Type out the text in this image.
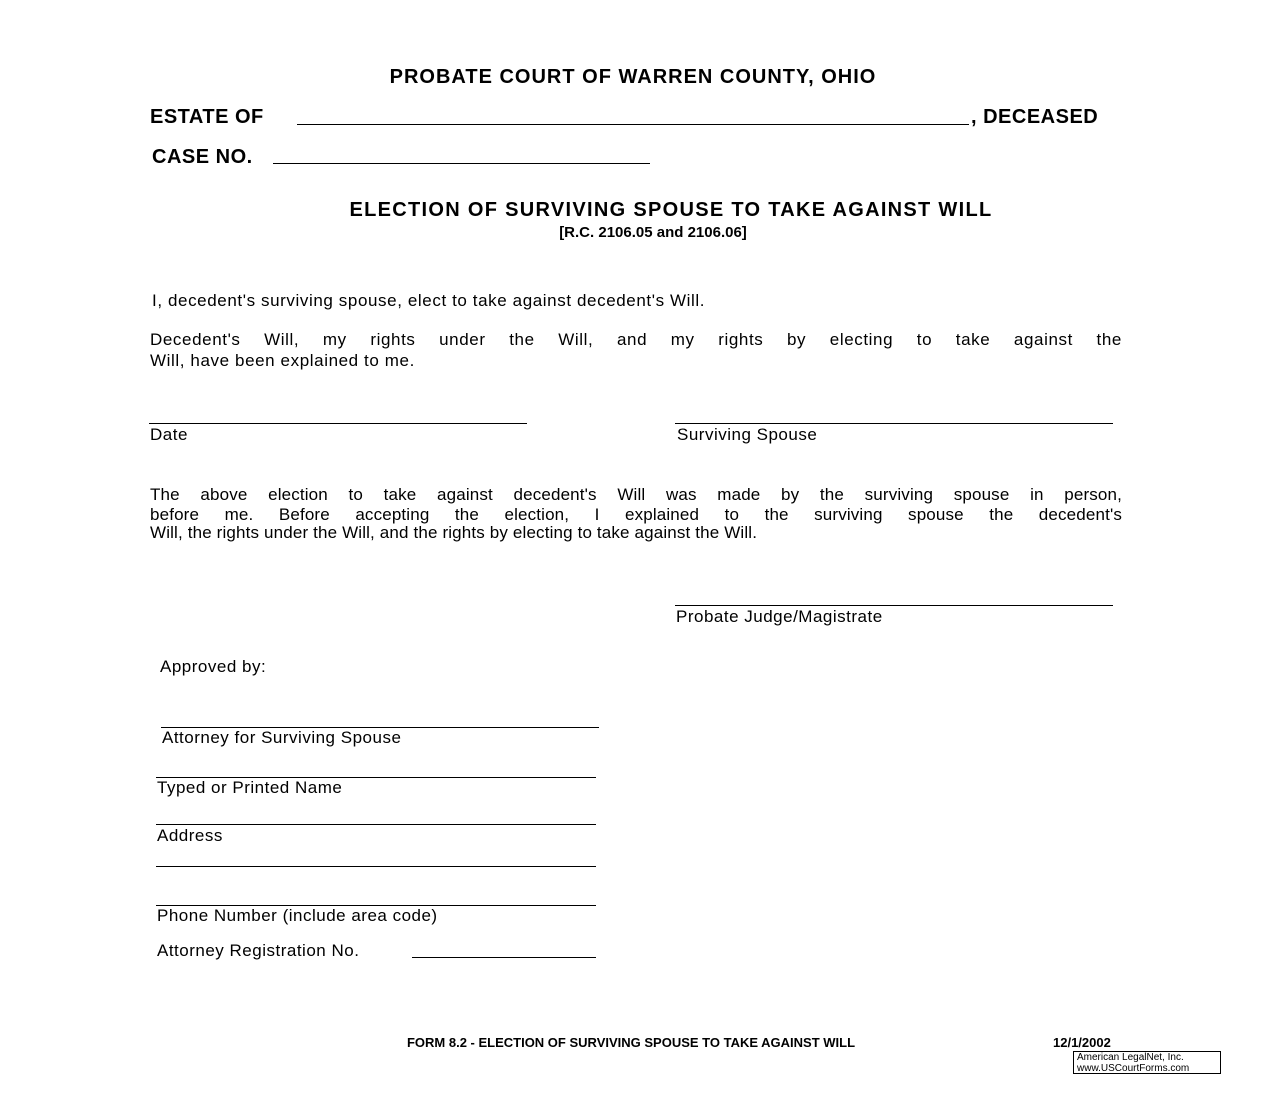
PROBATE COURT OF WARREN COUNTY, OHIO
ESTATE OF	, DECEASED
CASE NO.
ELECTION OF SURVIVING SPOUSE TO TAKE AGAINST WILL
[R.C. 2106.05 and 2106.06]
I, decedent's surviving spouse, elect to take against decedent's Will.
Decedent's Will, my rights under the Will, and my rights by electing to take against the
Will, have been explained to me.
Date	Surviving Spouse
The above election to take against decedent's Will was made by the surviving spouse in person,
before me. Before accepting the election, I explained to the surviving spouse the decedent's
Will, the rights under the Will, and the rights by electing to take against the Will.
Probate Judge/Magistrate
Approved by:
Attorney for Surviving Spouse
Typed or Printed Name
Address
Phone Number (include area code)
Attorney Registration No.
FORM 8.2 - ELECTION OF SURVIVING SPOUSE TO TAKE AGAINST WILL	12/1/2002
American LegalNet, Inc.
www.USCourtForms.com
